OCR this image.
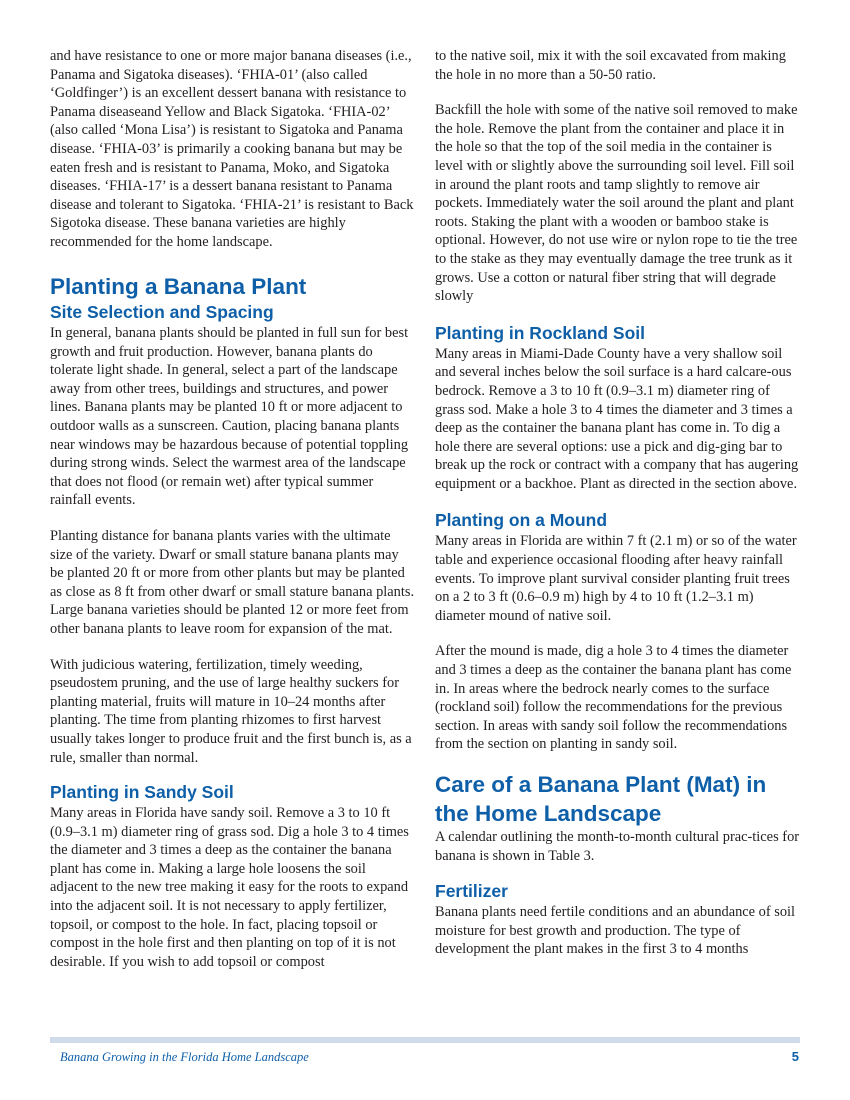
and have resistance to one or more major banana diseases (i.e., Panama and Sigatoka diseases). ‘FHIA-01’ (also called ‘Goldfinger’) is an excellent dessert banana with resistance to Panama diseaseand Yellow and Black Sigatoka. ‘FHIA-02’ (also called ‘Mona Lisa’) is resistant to Sigatoka and Panama disease. ‘FHIA-03’ is primarily a cooking banana but may be eaten fresh and is resistant to Panama, Moko, and Sigatoka diseases. ‘FHIA-17’ is a dessert banana resistant to Panama disease and tolerant to Sigatoka. ‘FHIA-21’ is resistant to Back Sigotoka disease. These banana varieties are highly recommended for the home landscape.

Planting a Banana Plant
Site Selection and Spacing

In general, banana plants should be planted in full sun for best growth and fruit production. However, banana plants do tolerate light shade. In general, select a part of the landscape away from other trees, buildings and structures, and power lines. Banana plants may be planted 10 ft or more adjacent to outdoor walls as a sunscreen. Caution, placing banana plants near windows may be hazardous because of potential toppling during strong winds. Select the warmest area of the landscape that does not flood (or remain wet) after typical summer rainfall events.

Planting distance for banana plants varies with the ultimate size of the variety. Dwarf or small stature banana plants may be planted 20 ft or more from other plants but may be planted as close as 8 ft from other dwarf or small stature banana plants. Large banana varieties should be planted 12 or more feet from other banana plants to leave room for expansion of the mat.

With judicious watering, fertilization, timely weeding, pseudostem pruning, and the use of large healthy suckers for planting material, fruits will mature in 10–24 months after planting. The time from planting rhizomes to first harvest usually takes longer to produce fruit and the first bunch is, as a rule, smaller than normal.

Planting in Sandy Soil

Many areas in Florida have sandy soil. Remove a 3 to 10 ft (0.9–3.1 m) diameter ring of grass sod. Dig a hole 3 to 4 times the diameter and 3 times a deep as the container the banana plant has come in. Making a large hole loosens the soil adjacent to the new tree making it easy for the roots to expand into the adjacent soil. It is not necessary to apply fertilizer, topsoil, or compost to the hole. In fact, placing topsoil or compost in the hole first and then planting on top of it is not desirable. If you wish to add topsoil or compost

to the native soil, mix it with the soil excavated from making the hole in no more than a 50-50 ratio.

Backfill the hole with some of the native soil removed to make the hole. Remove the plant from the container and place it in the hole so that the top of the soil media in the container is level with or slightly above the surrounding soil level. Fill soil in around the plant roots and tamp slightly to remove air pockets. Immediately water the soil around the plant and plant roots. Staking the plant with a wooden or bamboo stake is optional. However, do not use wire or nylon rope to tie the tree to the stake as they may eventually damage the tree trunk as it grows. Use a cotton or natural fiber string that will degrade slowly

Planting in Rockland Soil

Many areas in Miami-Dade County have a very shallow soil and several inches below the soil surface is a hard calcare-ous bedrock. Remove a 3 to 10 ft (0.9–3.1 m) diameter ring of grass sod. Make a hole 3 to 4 times the diameter and 3 times a deep as the container the banana plant has come in. To dig a hole there are several options: use a pick and dig-ging bar to break up the rock or contract with a company that has augering equipment or a backhoe. Plant as directed in the section above.

Planting on a Mound

Many areas in Florida are within 7 ft (2.1 m) or so of the water table and experience occasional flooding after heavy rainfall events. To improve plant survival consider planting fruit trees on a 2 to 3 ft (0.6–0.9 m) high by 4 to 10 ft (1.2–3.1 m) diameter mound of native soil.

After the mound is made, dig a hole 3 to 4 times the diameter and 3 times a deep as the container the banana plant has come in. In areas where the bedrock nearly comes to the surface (rockland soil) follow the recommendations for the previous section. In areas with sandy soil follow the recommendations from the section on planting in sandy soil.

Care of a Banana Plant (Mat) in the Home Landscape

A calendar outlining the month-to-month cultural prac-tices for banana is shown in Table 3.

Fertilizer

Banana plants need fertile conditions and an abundance of soil moisture for best growth and production. The type of development the plant makes in the first 3 to 4 months

Banana Growing in the Florida Home Landscape	5
